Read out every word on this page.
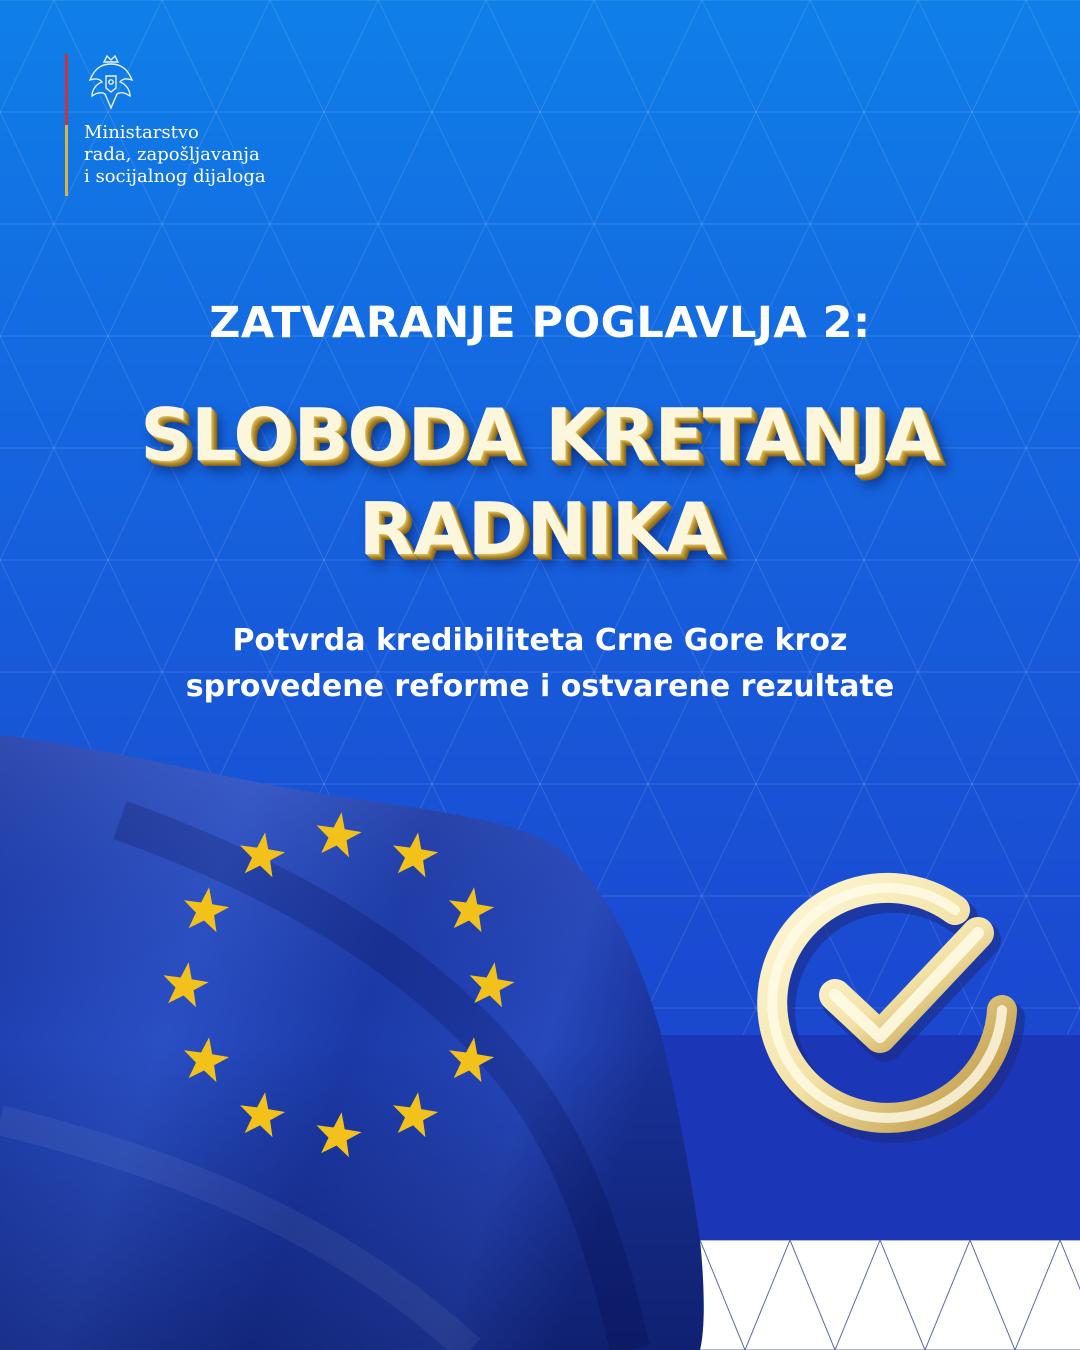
Ministarstvo
rada, zapošljavanja
i socijalnog dijaloga
ZATVARANJE POGLAVLJA 2:
SLOBODA KRETANJA
RADNIKA
Potvrda kredibiliteta Crne Gore kroz
sprovedene reforme i ostvarene rezultate
